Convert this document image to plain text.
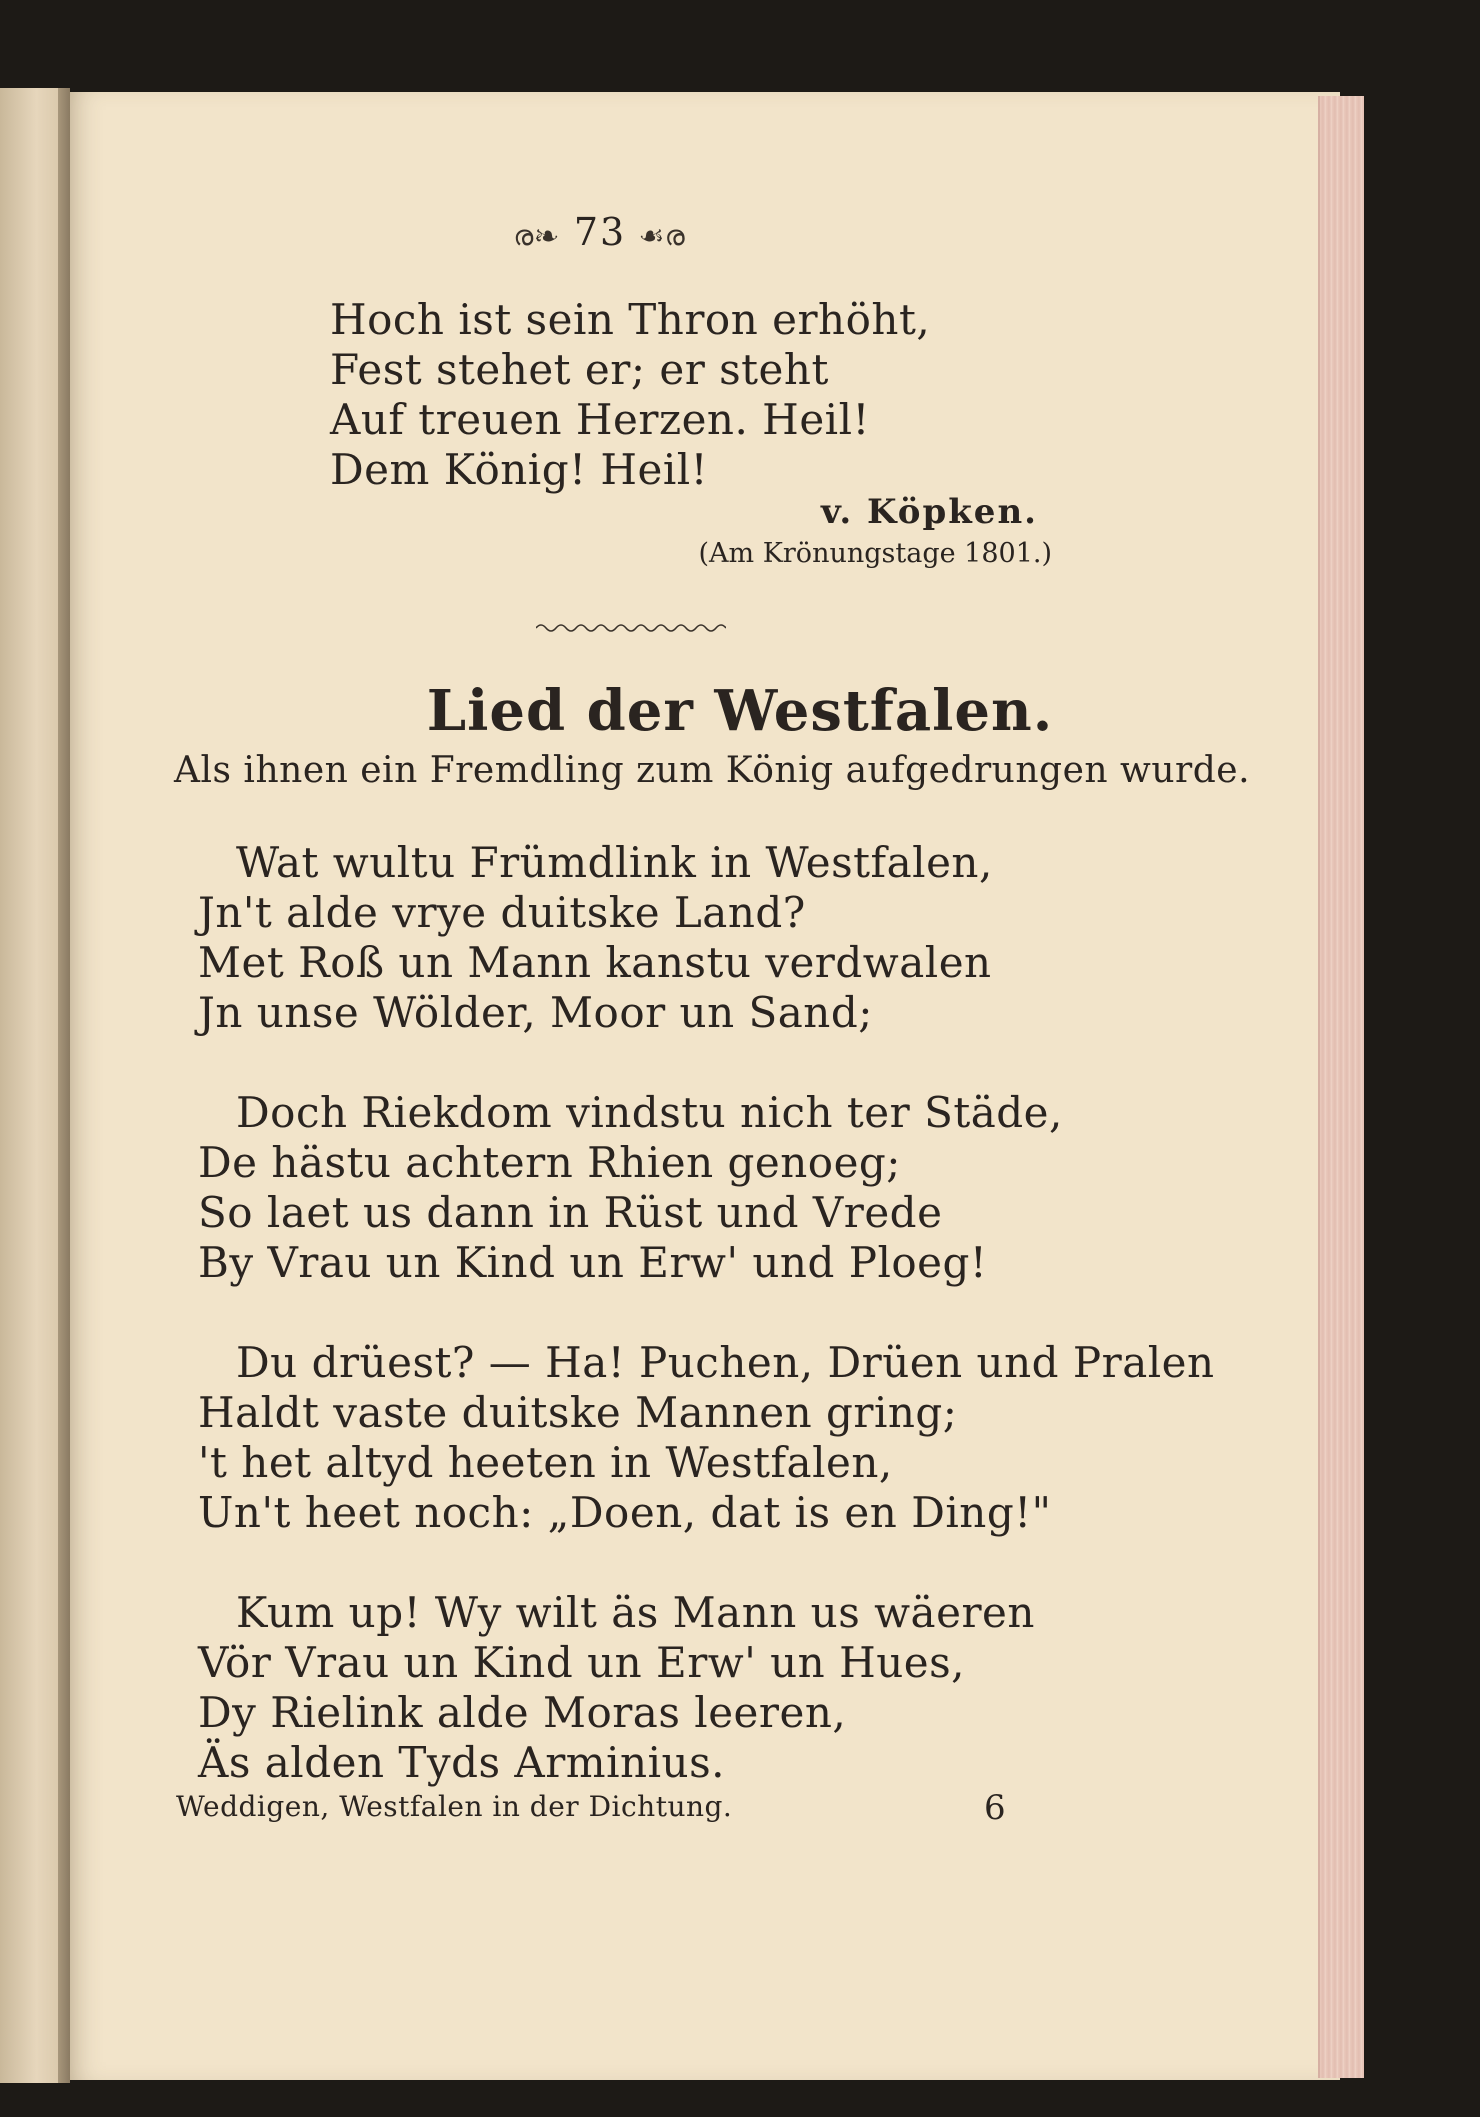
ര❧ 73 ☙ര
Hoch ist sein Thron erhöht,
Fest stehet er; er steht
Auf treuen Herzen. Heil!
Dem König! Heil!
v. Köpken.
(Am Krönungstage 1801.)
Lied der Westfalen.
Als ihnen ein Fremdling zum König aufgedrungen wurde.
Wat wultu Frümdlink in Westfalen,
Jn't alde vrye duitske Land?
Met Roß un Mann kanstu verdwalen
Jn unse Wölder, Moor un Sand;
Doch Riekdom vindstu nich ter Städe,
De hästu achtern Rhien genoeg;
So laet us dann in Rüst und Vrede
By Vrau un Kind un Erw' und Ploeg!
Du drüest? — Ha! Puchen, Drüen und Pralen
Haldt vaste duitske Mannen gring;
't het altyd heeten in Westfalen,
Un't heet noch: „Doen, dat is en Ding!"
Kum up! Wy wilt äs Mann us wäeren
Vör Vrau un Kind un Erw' un Hues,
Dy Rielink alde Moras leeren,
Äs alden Tyds Arminius.
Weddigen, Westfalen in der Dichtung.	6
